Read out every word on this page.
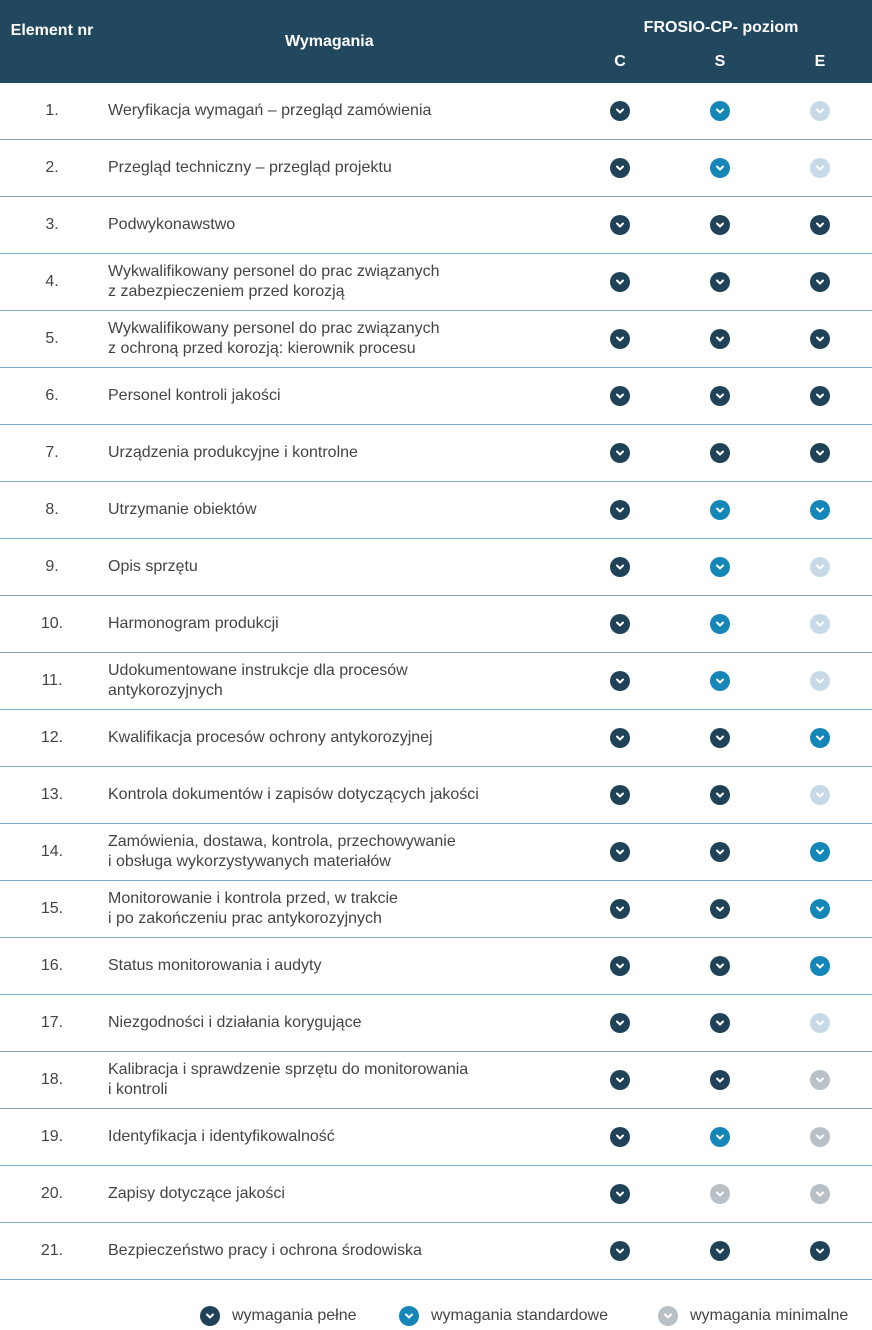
Element nr
Wymagania
FROSIO-CP- poziom
C	S	E
1.	Weryfikacja wymagań – przegląd zamówienia
2.	Przegląd techniczny – przegląd projektu
3.	Podwykonawstwo
4.
Wykwalifikowany personel do prac związanych
z zabezpieczeniem przed korozją
5.
Wykwalifikowany personel do prac związanych
z ochroną przed korozją: kierownik procesu
6.	Personel kontroli jakości
7.	Urządzenia produkcyjne i kontrolne
8.	Utrzymanie obiektów
9.	Opis sprzętu
10.	Harmonogram produkcji
11.
Udokumentowane instrukcje dla procesów
antykorozyjnych
12.	Kwalifikacja procesów ochrony antykorozyjnej
13.	Kontrola dokumentów i zapisów dotyczących jakości
14.
Zamówienia, dostawa, kontrola, przechowywanie
i obsługa wykorzystywanych materiałów
15.
Monitorowanie i kontrola przed, w trakcie
i po zakończeniu prac antykorozyjnych
16.	Status monitorowania i audyty
17.	Niezgodności i działania korygujące
18.
Kalibracja i sprawdzenie sprzętu do monitorowania
i kontroli
19.	Identyfikacja i identyfikowalność
20.	Zapisy dotyczące jakości
21.	Bezpieczeństwo pracy i ochrona środowiska
wymagania pełne	wymagania standardowe	wymagania minimalne
